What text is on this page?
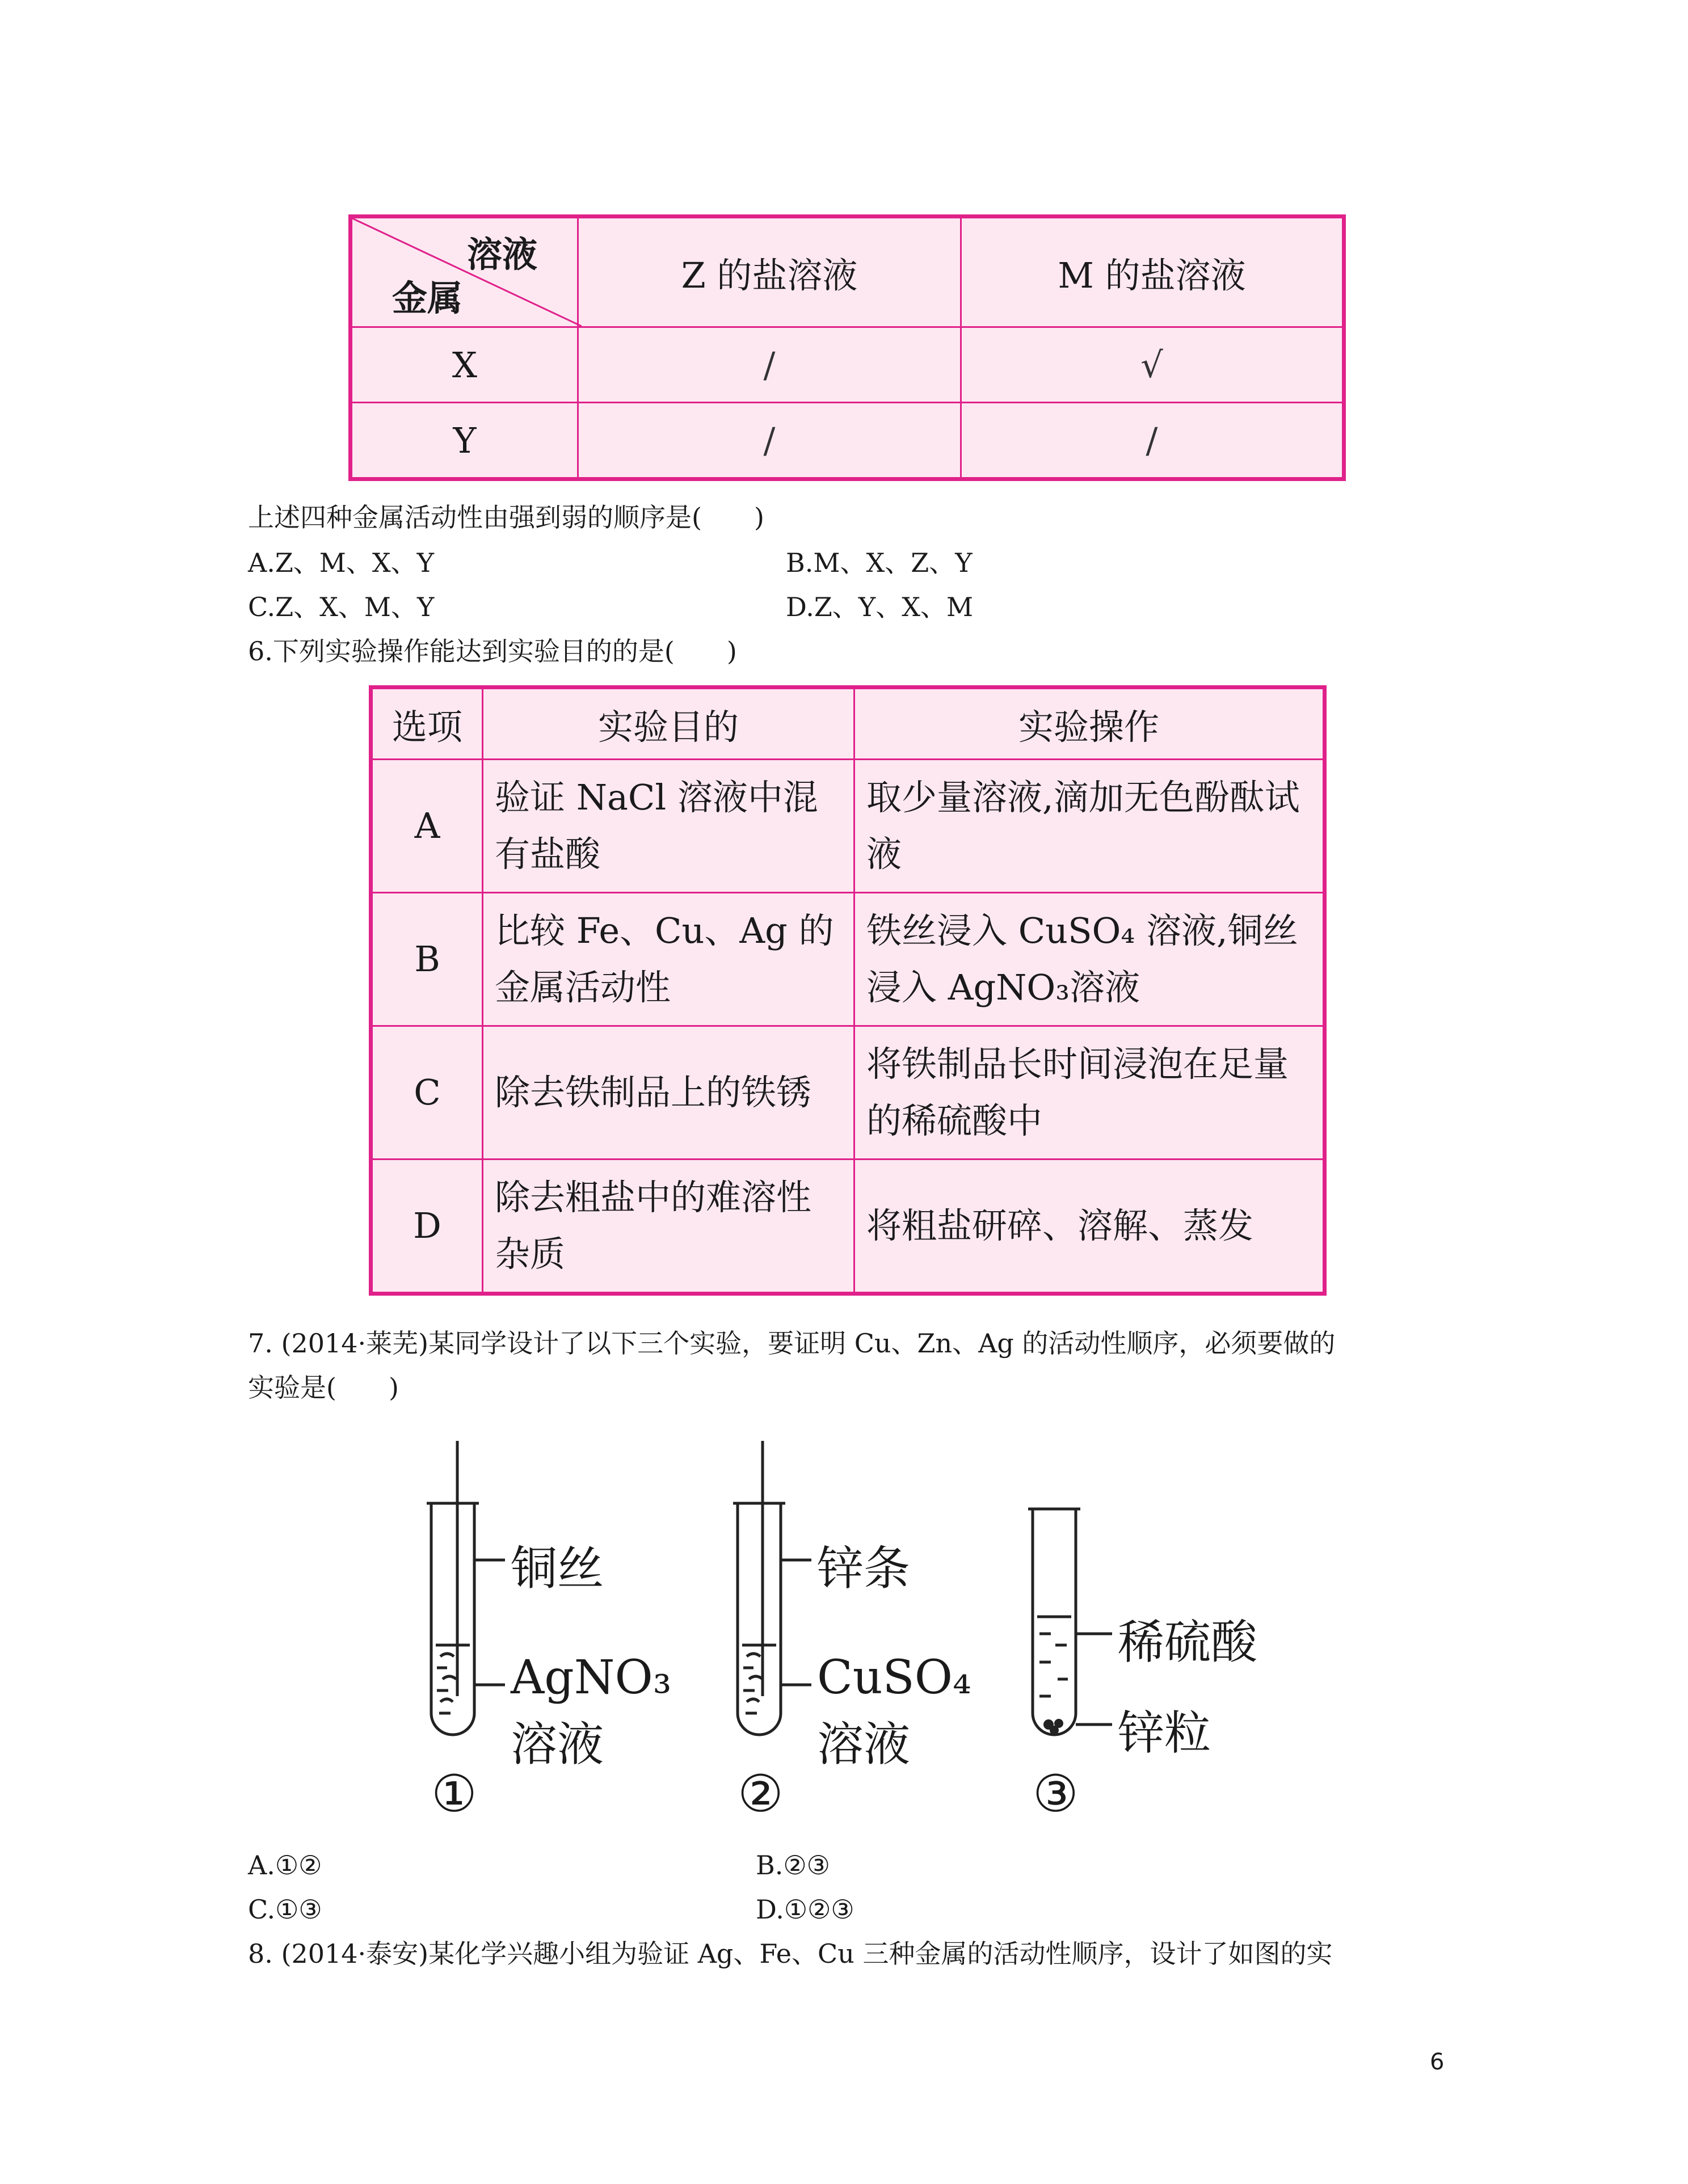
溶液
金属	Z 的盐溶液	M 的盐溶液
X	/	√
Y	/	/
上述四种金属活动性由强到弱的顺序是(　　)
A.Z、M、X、Y	B.M、X、Z、Y
C.Z、X、M、Y	D.Z、Y、X、M
6.下列实验操作能达到实验目的的是(　　)
选项	实验目的	实验操作
A	验证 NaCl 溶液中混有盐酸	取少量溶液,滴加无色酚酞试液
B	比较 Fe、Cu、Ag 的金属活动性	铁丝浸入 CuSO₄ 溶液,铜丝浸入 AgNO₃溶液
C	除去铁制品上的铁锈	将铁制品长时间浸泡在足量的稀硫酸中
D	除去粗盐中的难溶性杂质	将粗盐研碎、溶解、蒸发
7. (2014·莱芜)某同学设计了以下三个实验，要证明 Cu、Zn、Ag 的活动性顺序，必须要做的
实验是(　　)
铜丝
AgNO₃
溶液
①
锌条
CuSO₄
溶液
②
稀硫酸
锌粒
③
A.①②	B.②③
C.①③	D.①②③
8. (2014·泰安)某化学兴趣小组为验证 Ag、Fe、Cu 三种金属的活动性顺序，设计了如图的实
6
